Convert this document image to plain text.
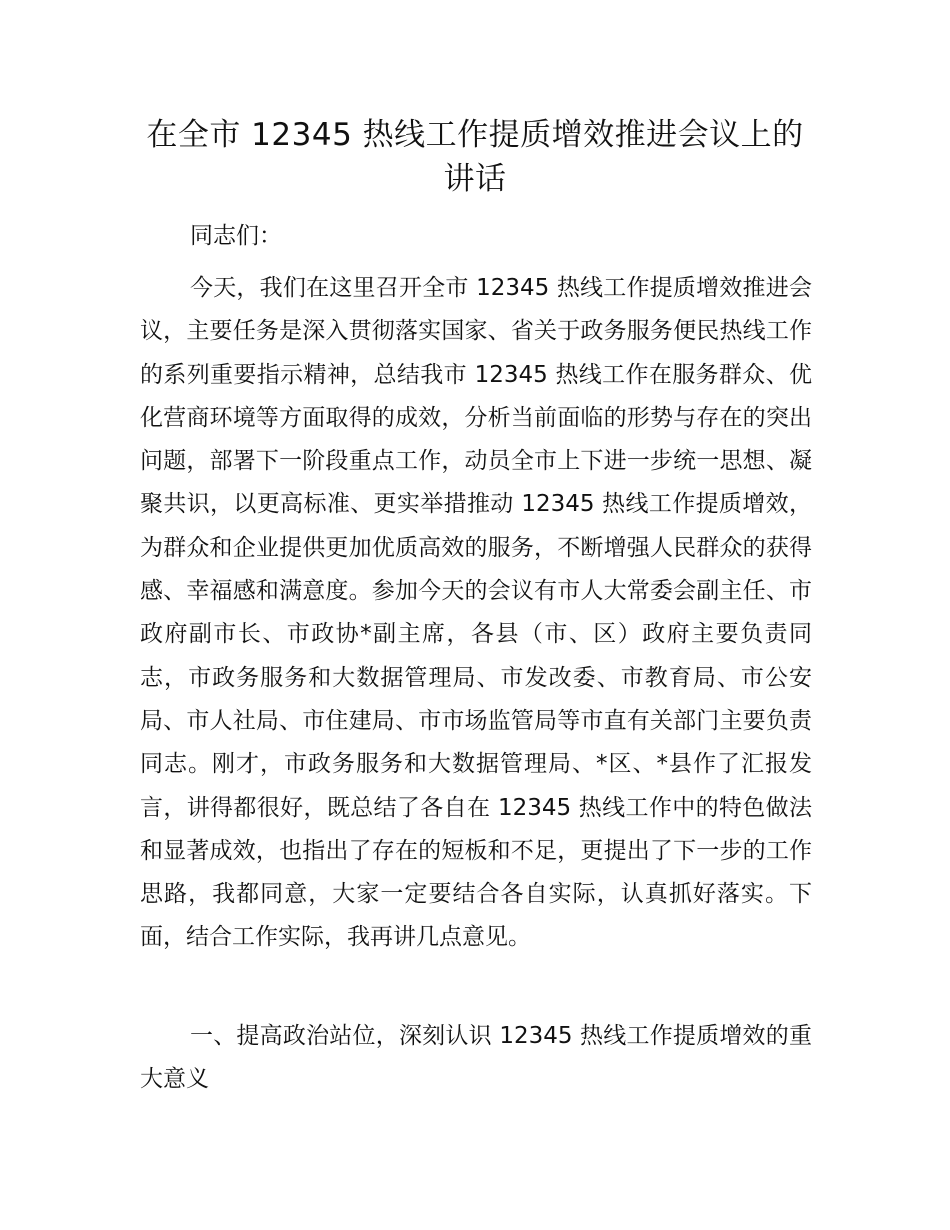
在全市 12345 热线工作提质增效推进会议上的讲话

同志们：

今天，我们在这里召开全市 12345 热线工作提质增效推进会议，主要任务是深入贯彻落实国家、省关于政务服务便民热线工作的系列重要指示精神，总结我市 12345 热线工作在服务群众、优化营商环境等方面取得的成效，分析当前面临的形势与存在的突出问题，部署下一阶段重点工作，动员全市上下进一步统一思想、凝聚共识，以更高标准、更实举措推动 12345 热线工作提质增效，为群众和企业提供更加优质高效的服务，不断增强人民群众的获得感、幸福感和满意度。参加今天的会议有市人大常委会副主任、市政府副市长、市政协*副主席，各县（市、区）政府主要负责同志，市政务服务和大数据管理局、市发改委、市教育局、市公安局、市人社局、市住建局、市市场监管局等市直有关部门主要负责同志。刚才，市政务服务和大数据管理局、*区、*县作了汇报发言，讲得都很好，既总结了各自在 12345 热线工作中的特色做法和显著成效，也指出了存在的短板和不足，更提出了下一步的工作思路，我都同意，大家一定要结合各自实际，认真抓好落实。下面，结合工作实际，我再讲几点意见。

一、提高政治站位，深刻认识 12345 热线工作提质增效的重大意义
